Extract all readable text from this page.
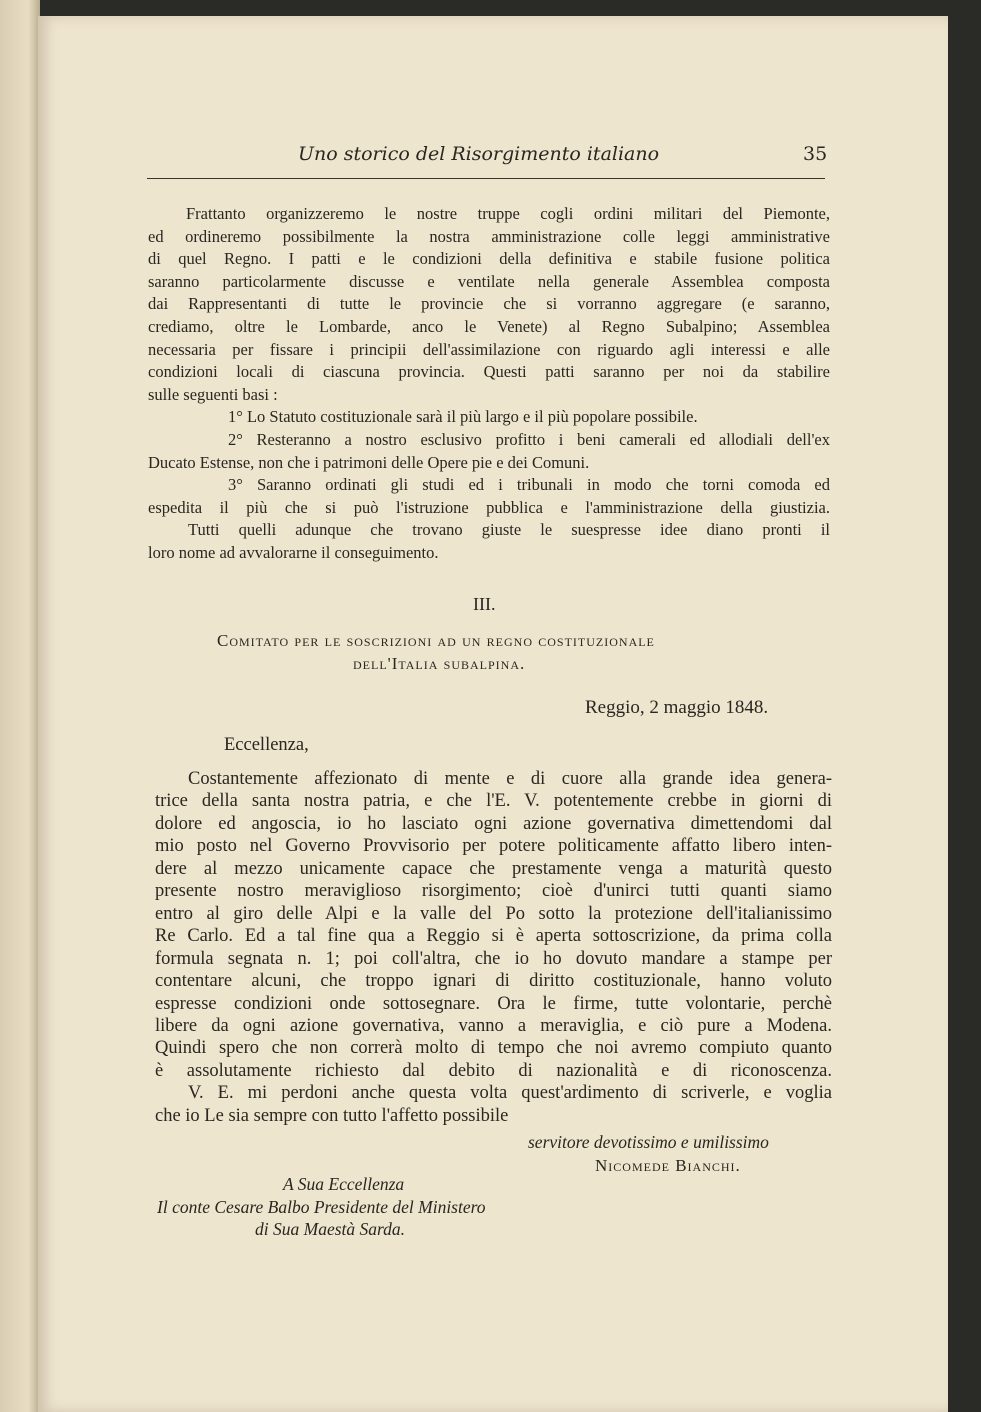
Uno storico del Risorgimento italiano	35
Frattanto organizzeremo le nostre truppe cogli ordini militari del Piemonte,
ed ordineremo possibilmente la nostra amministrazione colle leggi amministrative
di quel Regno. I patti e le condizioni della definitiva e stabile fusione politica
saranno particolarmente discusse e ventilate nella generale Assemblea composta
dai Rappresentanti di tutte le provincie che si vorranno aggregare (e saranno,
crediamo, oltre le Lombarde, anco le Venete) al Regno Subalpino; Assemblea
necessaria per fissare i principii dell'assimilazione con riguardo agli interessi e alle
condizioni locali di ciascuna provincia. Questi patti saranno per noi da stabilire
sulle seguenti basi :
1° Lo Statuto costituzionale sarà il più largo e il più popolare possibile.
2° Resteranno a nostro esclusivo profitto i beni camerali ed allodiali dell'ex
Ducato Estense, non che i patrimoni delle Opere pie e dei Comuni.
3° Saranno ordinati gli studi ed i tribunali in modo che torni comoda ed
espedita il più che si può l'istruzione pubblica e l'amministrazione della giustizia.
Tutti quelli adunque che trovano giuste le suespresse idee diano pronti il
loro nome ad avvalorarne il conseguimento.
III.
Comitato per le soscrizioni ad un regno costituzionale
dell'Italia subalpina.
Reggio, 2 maggio 1848.
Eccellenza,
Costantemente affezionato di mente e di cuore alla grande idea genera-
trice della santa nostra patria, e che l'E. V. potentemente crebbe in giorni di
dolore ed angoscia, io ho lasciato ogni azione governativa dimettendomi dal
mio posto nel Governo Provvisorio per potere politicamente affatto libero inten-
dere al mezzo unicamente capace che prestamente venga a maturità questo
presente nostro meraviglioso risorgimento; cioè d'unirci tutti quanti siamo
entro al giro delle Alpi e la valle del Po sotto la protezione dell'italianissimo
Re Carlo. Ed a tal fine qua a Reggio si è aperta sottoscrizione, da prima colla
formula segnata n. 1; poi coll'altra, che io ho dovuto mandare a stampe per
contentare alcuni, che troppo ignari di diritto costituzionale, hanno voluto
espresse condizioni onde sottosegnare. Ora le firme, tutte volontarie, perchè
libere da ogni azione governativa, vanno a meraviglia, e ciò pure a Modena.
Quindi spero che non correrà molto di tempo che noi avremo compiuto quanto
è assolutamente richiesto dal debito di nazionalità e di riconoscenza.
V. E. mi perdoni anche questa volta quest'ardimento di scriverle, e voglia
che io Le sia sempre con tutto l'affetto possibile
servitore devotissimo e umilissimo
Nicomede Bianchi.
A Sua Eccellenza
Il conte Cesare Balbo Presidente del Ministero
di Sua Maestà Sarda.
